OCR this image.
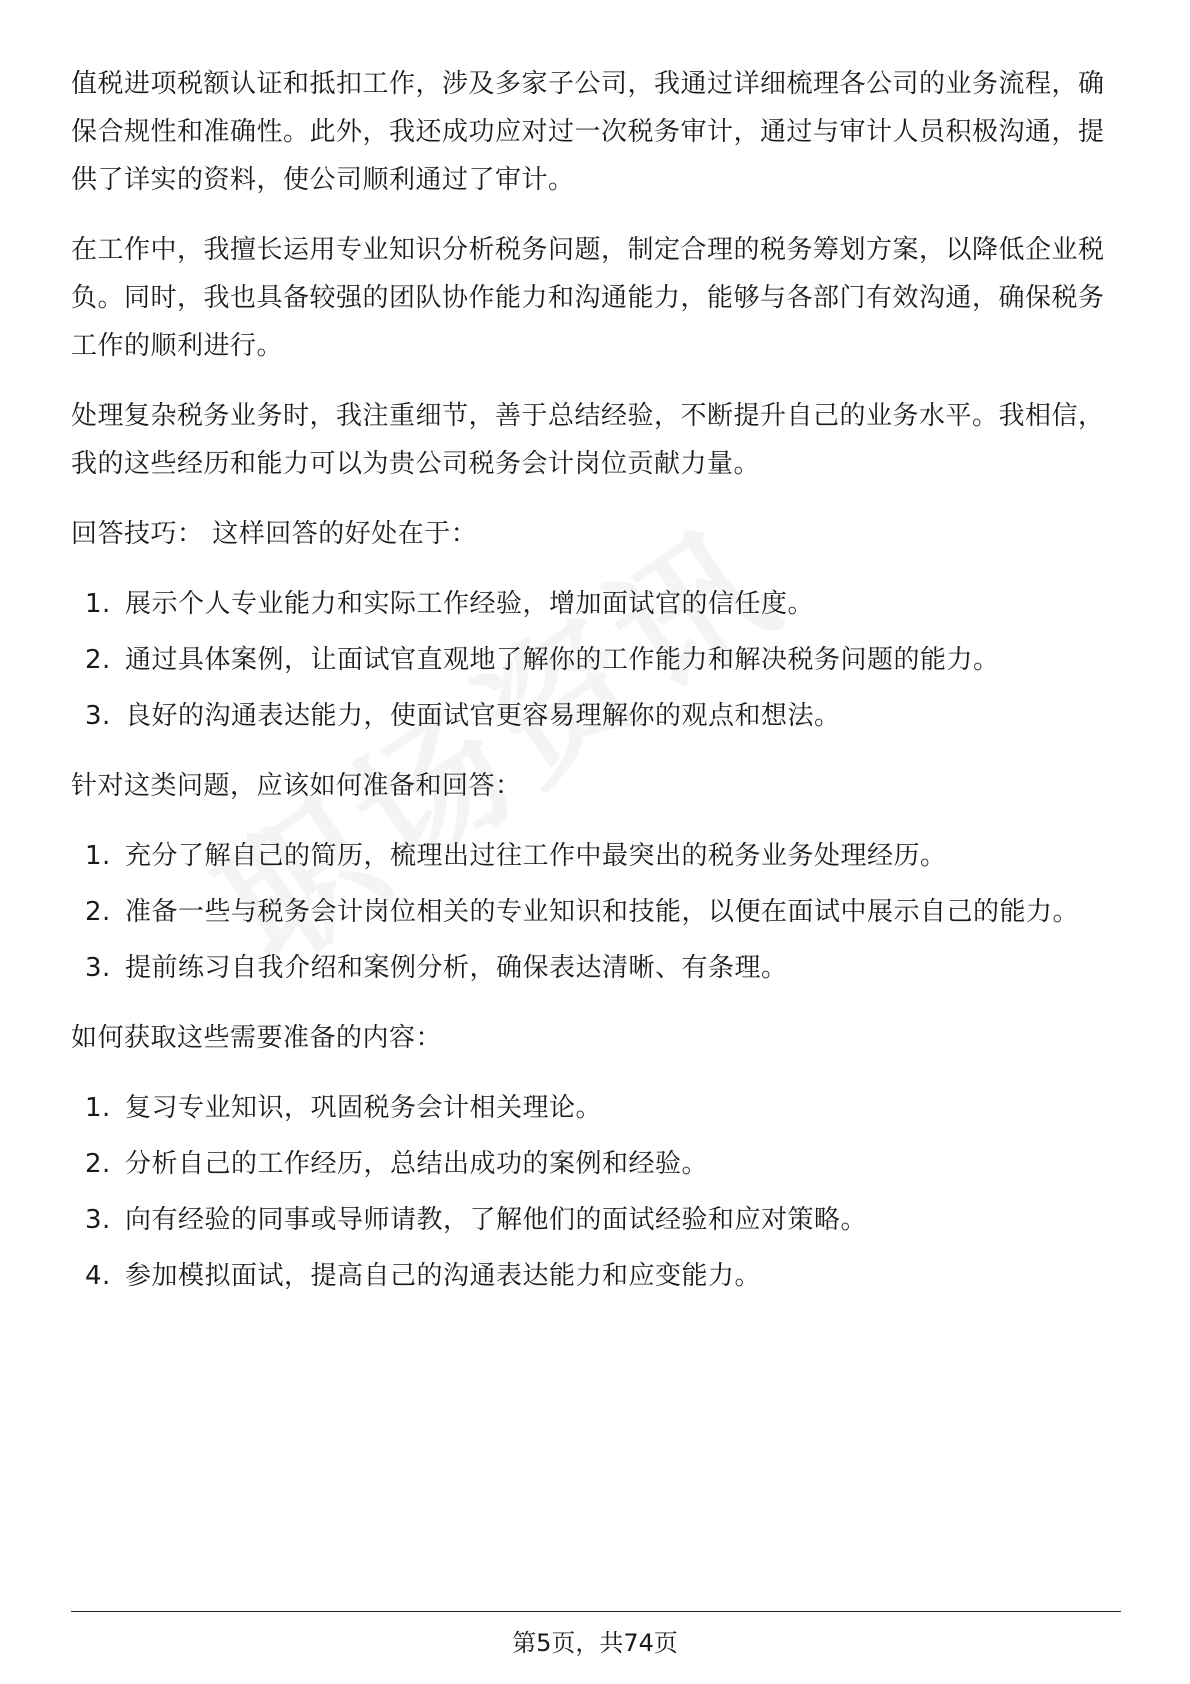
值税进项税额认证和抵扣工作，涉及多家子公司，我通过详细梳理各公司的业务流程，确保合规性和准确性。此外，我还成功应对过一次税务审计，通过与审计人员积极沟通，提供了详实的资料，使公司顺利通过了审计。

在工作中，我擅长运用专业知识分析税务问题，制定合理的税务筹划方案，以降低企业税负。同时，我也具备较强的团队协作能力和沟通能力，能够与各部门有效沟通，确保税务工作的顺利进行。

处理复杂税务业务时，我注重细节，善于总结经验，不断提升自己的业务水平。我相信，我的这些经历和能力可以为贵公司税务会计岗位贡献力量。

回答技巧： 这样回答的好处在于：

1. 展示个人专业能力和实际工作经验，增加面试官的信任度。
2. 通过具体案例，让面试官直观地了解你的工作能力和解决税务问题的能力。
3. 良好的沟通表达能力，使面试官更容易理解你的观点和想法。

针对这类问题，应该如何准备和回答：

1. 充分了解自己的简历，梳理出过往工作中最突出的税务业务处理经历。
2. 准备一些与税务会计岗位相关的专业知识和技能，以便在面试中展示自己的能力。
3. 提前练习自我介绍和案例分析，确保表达清晰、有条理。

如何获取这些需要准备的内容：

1. 复习专业知识，巩固税务会计相关理论。
2. 分析自己的工作经历，总结出成功的案例和经验。
3. 向有经验的同事或导师请教，了解他们的面试经验和应对策略。
4. 参加模拟面试，提高自己的沟通表达能力和应变能力。
第5页，共74页
